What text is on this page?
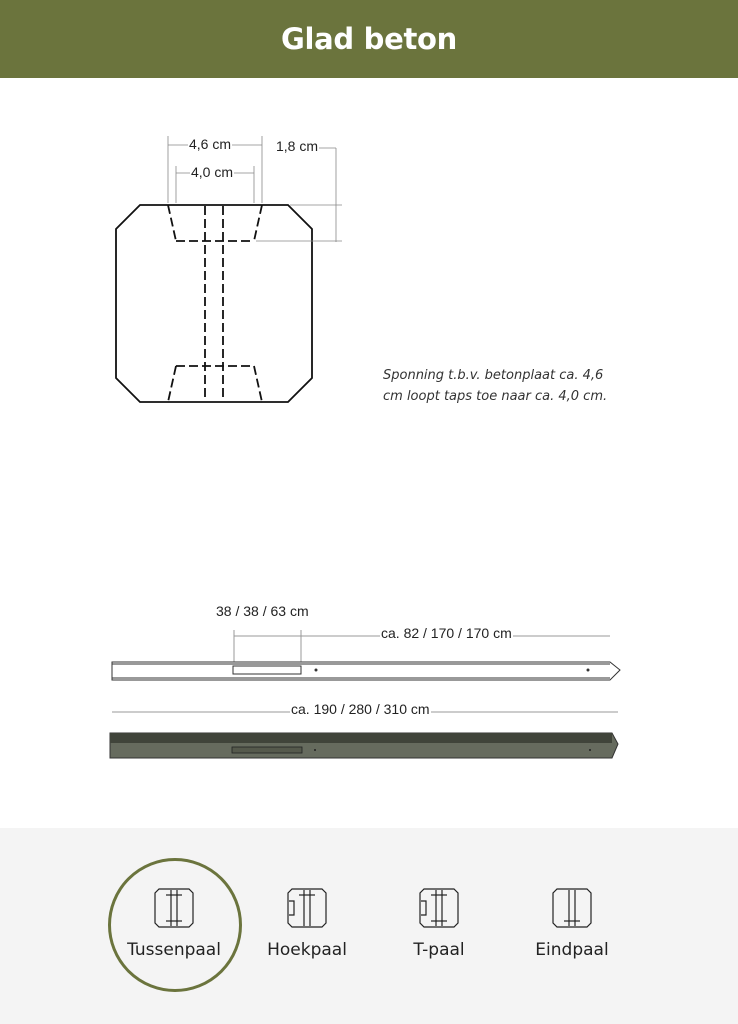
Glad beton
4,6 cm
4,0 cm
1,8 cm
Sponning t.b.v. betonplaat ca. 4,6 cm loopt taps toe naar ca. 4,0 cm.
38 / 38 / 63 cm
ca. 82 / 170 / 170 cm
ca. 190 / 280 / 310 cm
Tussenpaal	Hoekpaal	T-paal	Eindpaal
